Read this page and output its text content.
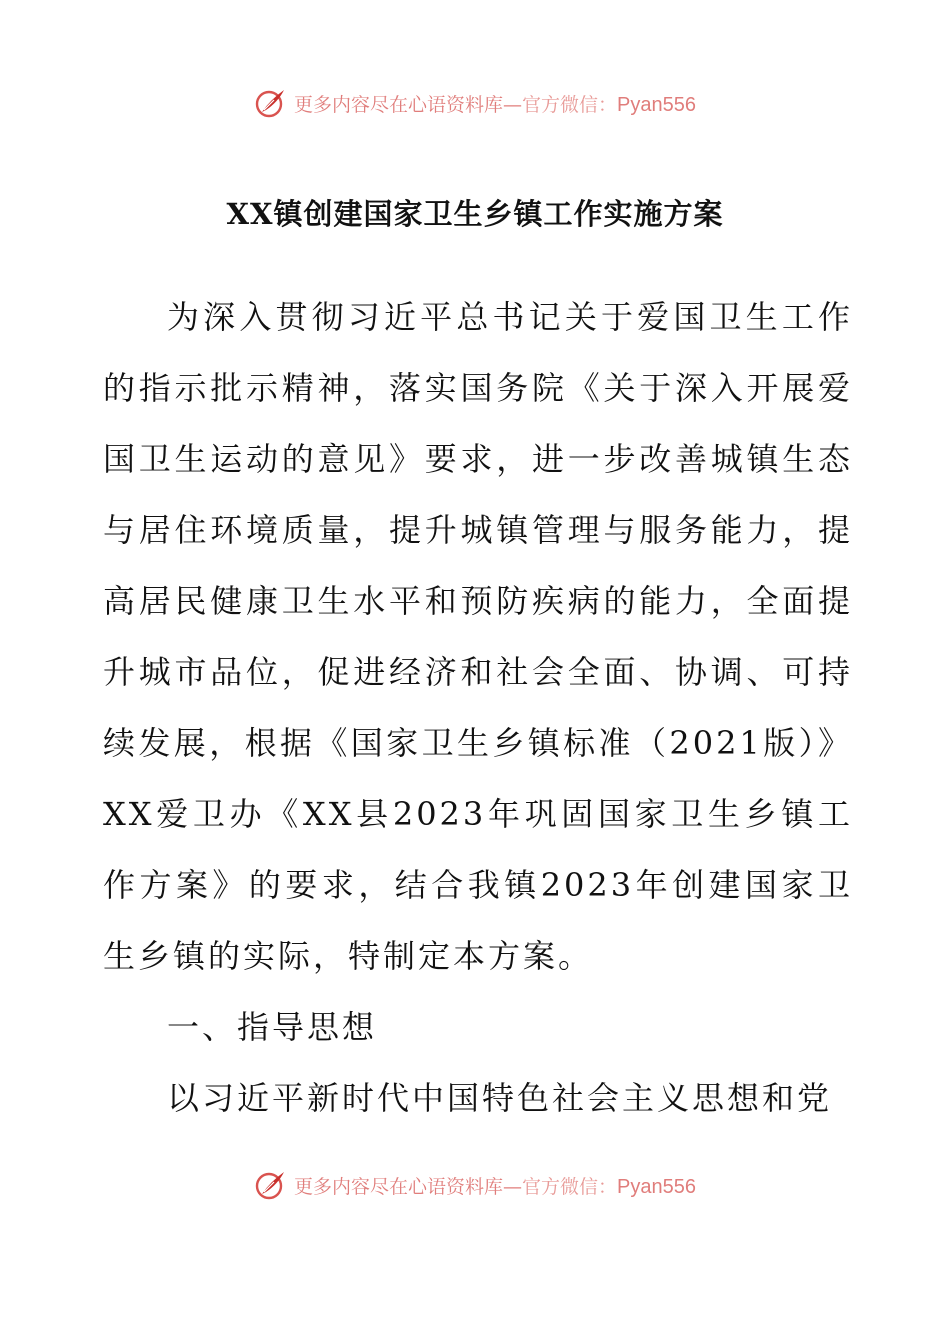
更多内容尽在心语资料库—官方微信：Pyan556
XX镇创建国家卫生乡镇工作实施方案

为深入贯彻习近平总书记关于爱国卫生工作的指示批示精神，落实国务院《关于深入开展爱国卫生运动的意见》要求，进一步改善城镇生态与居住环境质量，提升城镇管理与服务能力，提高居民健康卫生水平和预防疾病的能力，全面提升城市品位，促进经济和社会全面、协调、可持续发展，根据《国家卫生乡镇标准（2021版）》XX爱卫办《XX县2023年巩固国家卫生乡镇工作方案》的要求，结合我镇2023年创建国家卫生乡镇的实际，特制定本方案。

一、指导思想

以习近平新时代中国特色社会主义思想和党

更多内容尽在心语资料库—官方微信：Pyan556
